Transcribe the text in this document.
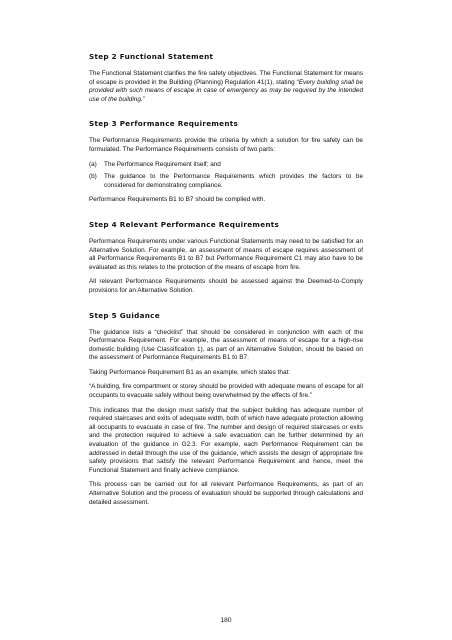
Step 2 Functional Statement

The Functional Statement clarifies the fire safety objectives. The Functional Statement for means of escape is provided in the Building (Planning) Regulation 41(1), stating “Every building shall be provided with such means of escape in case of emergency as may be required by the intended use of the building.”

Step 3 Performance Requirements

The Performance Requirements provide the criteria by which a solution for fire safety can be formulated. The Performance Requirements consists of two parts:

(a)	The Performance Requirement itself; and
(b)	The guidance to the Performance Requirements which provides the factors to be considered for demonstrating compliance.

Performance Requirements B1 to B7 should be complied with.

Step 4 Relevant Performance Requirements

Performance Requirements under various Functional Statements may need to be satisfied for an Alternative Solution. For example, an assessment of means of escape requires assessment of all Performance Requirements B1 to B7 but Performance Requirement C1 may also have to be evaluated as this relates to the protection of the means of escape from fire.

All relevant Performance Requirements should be assessed against the Deemed-to-Comply provisions for an Alternative Solution.

Step 5 Guidance

The guidance lists a “checklist” that should be considered in conjunction with each of the Performance Requirement. For example, the assessment of means of escape for a high-rise domestic building (Use Classification 1), as part of an Alternative Solution, should be based on the assessment of Performance Requirements B1 to B7.

Taking Performance Requirement B1 as an example, which states that:

“A building, fire compartment or storey should be provided with adequate means of escape for all occupants to evacuate safely without being overwhelmed by the effects of fire.”

This indicates that the design must satisfy that the subject building has adequate number of required staircases and exits of adequate width, both of which have adequate protection allowing all occupants to evacuate in case of fire. The number and design of required staircases or exits and the protection required to achieve a safe evacuation can be further determined by an evaluation of the guidance in G2.3. For example, each Performance Requirement can be addressed in detail through the use of the guidance, which assists the design of appropriate fire safety provisions that satisfy the relevant Performance Requirement and hence, meet the Functional Statement and finally achieve compliance.

This process can be carried out for all relevant Performance Requirements, as part of an Alternative Solution and the process of evaluation should be supported through calculations and detailed assessment.

180
